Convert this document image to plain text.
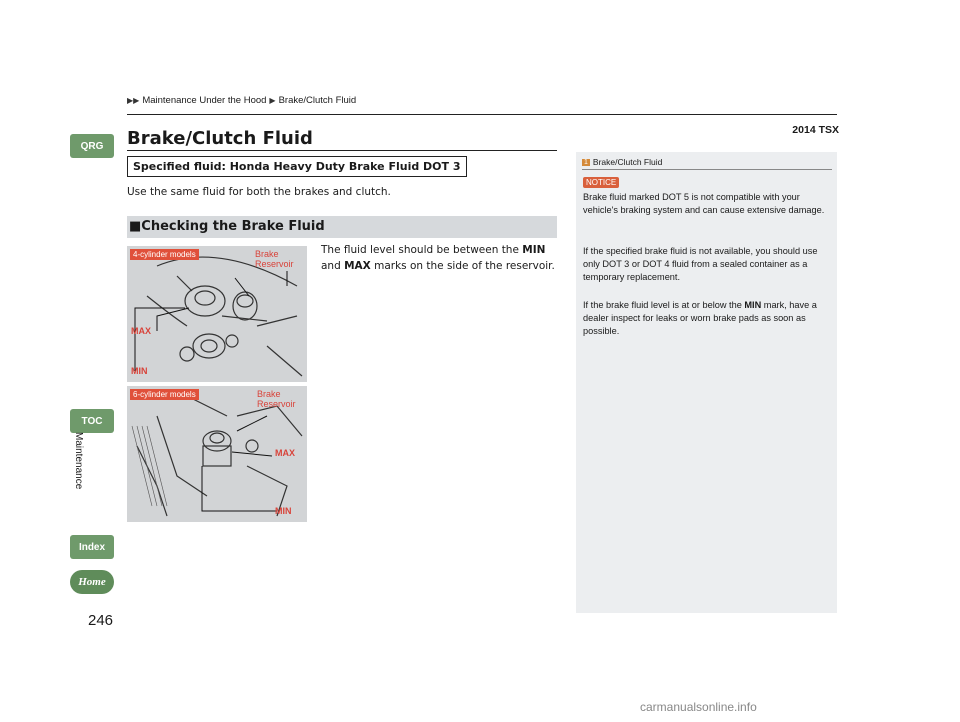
▶▶ Maintenance Under the Hood ▶ Brake/Clutch Fluid
2014 TSX
QRG
TOC
Maintenance
Index
Home
246
Brake/Clutch Fluid
Specified fluid: Honda Heavy Duty Brake Fluid DOT 3
Use the same fluid for both the brakes and clutch.
■Checking the Brake Fluid
The fluid level should be between the MIN and MAX marks on the side of the reservoir.
4-cylinder models	Brake
Reservoir
MAX
MIN
6-cylinder models	Brake
Reservoir
MAX
MIN
1 Brake/Clutch Fluid
NOTICE
Brake fluid marked DOT 5 is not compatible with your vehicle's braking system and can cause extensive damage.
If the specified brake fluid is not available, you should use only DOT 3 or DOT 4 fluid from a sealed container as a temporary replacement.
If the brake fluid level is at or below the MIN mark, have a dealer inspect for leaks or worn brake pads as soon as possible.
carmanualsonline.info
